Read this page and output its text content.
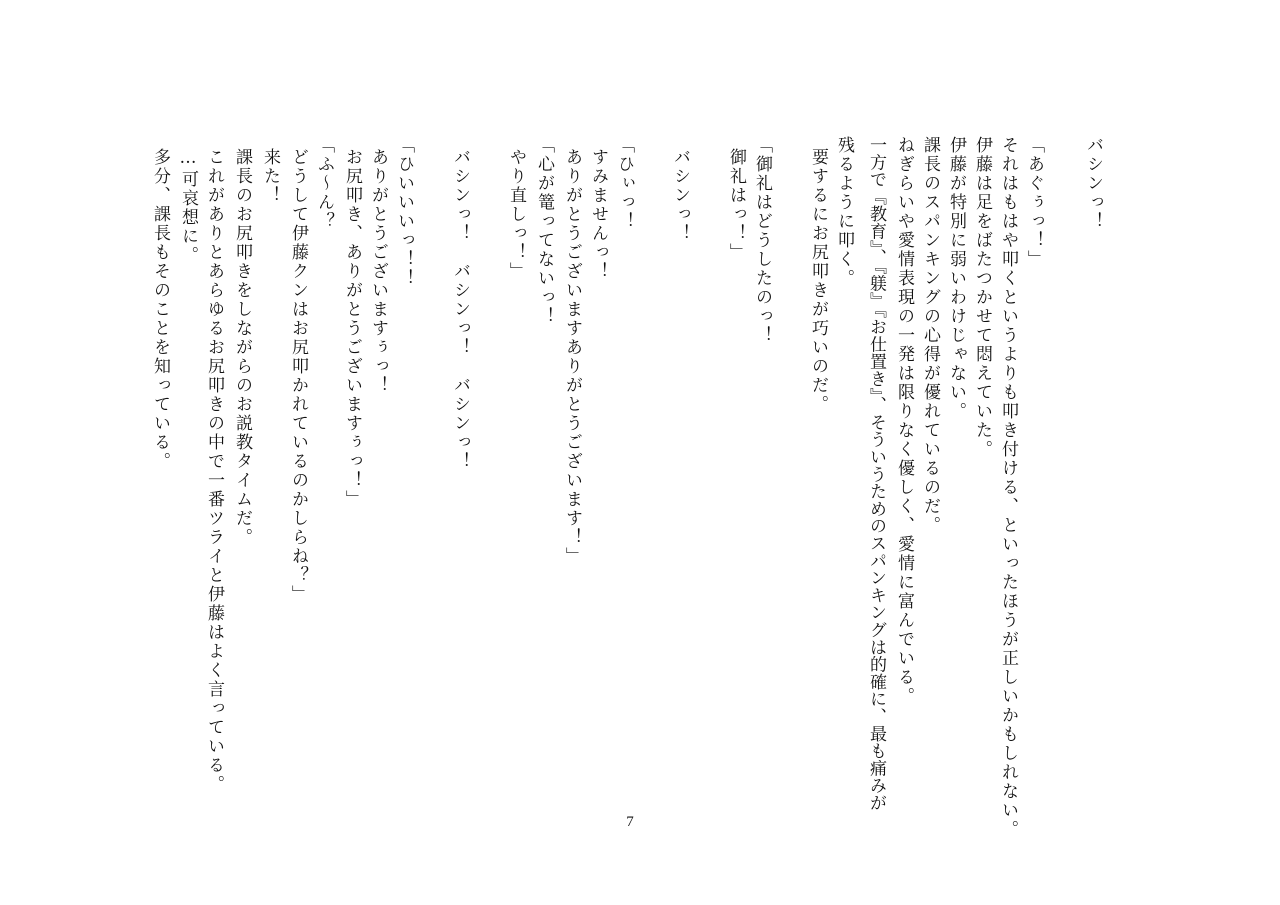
バシンっ！

「あぐぅっ！」

それはもはや叩くというよりも叩き付ける、といったほうが正しいかもしれない。

伊藤は足をばたつかせて悶えていた。

伊藤が特別に弱いわけじゃない。

課長のスパンキングの心得が優れているのだ。

ねぎらいや愛情表現の一発は限りなく優しく、愛情に富んでいる。

一方で『教育』、『躾』『お仕置き』、そういうためのスパンキングは的確に、最も痛みが

残るように叩く。

要するにお尻叩きが巧いのだ。

「御礼はどうしたのっ！

御礼はっ！」

バシンっ！

「ひぃっ！

すみませんっ！

ありがとうございますありがとうございます！」

「心が篭ってないっ！

やり直しっ！」

バシンっ！　バシンっ！　バシンっ！

「ひいいいっ！！

ありがとうございますぅっ！

お尻叩き、ありがとうございますぅっ！」

「ふ～ん？

どうして伊藤クンはお尻叩かれているのかしらね？」

来た！

課長のお尻叩きをしながらのお説教タイムだ。

これがありとあらゆるお尻叩きの中で一番ツライと伊藤はよく言っている。

…可哀想に。

多分、課長もそのことを知っている。

7
